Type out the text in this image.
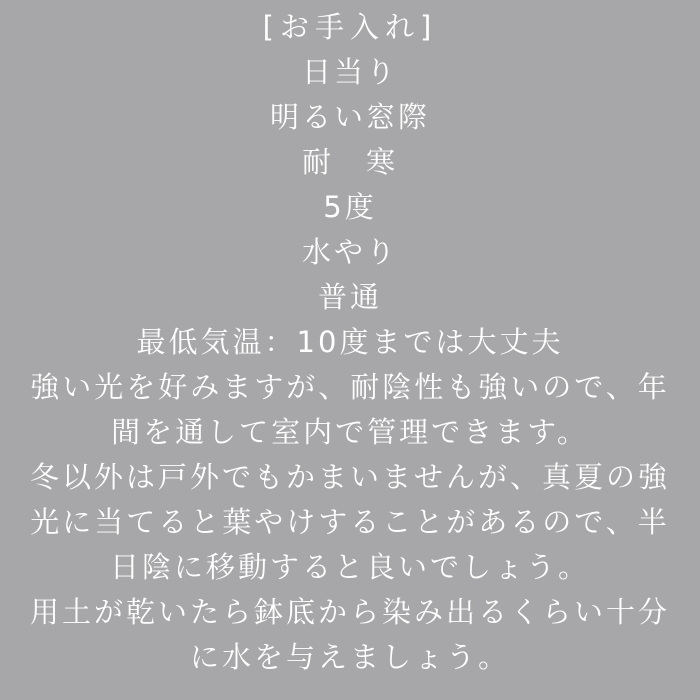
[お手入れ]
日当り
明るい窓際
耐　寒
5度
水やり
普通
最低気温：10度までは大丈夫
強い光を好みますが、耐陰性も強いので、年
間を通して室内で管理できます。
冬以外は戸外でもかまいませんが、真夏の強
光に当てると葉やけすることがあるので、半
日陰に移動すると良いでしょう。
用土が乾いたら鉢底から染み出るくらい十分
に水を与えましょう。
